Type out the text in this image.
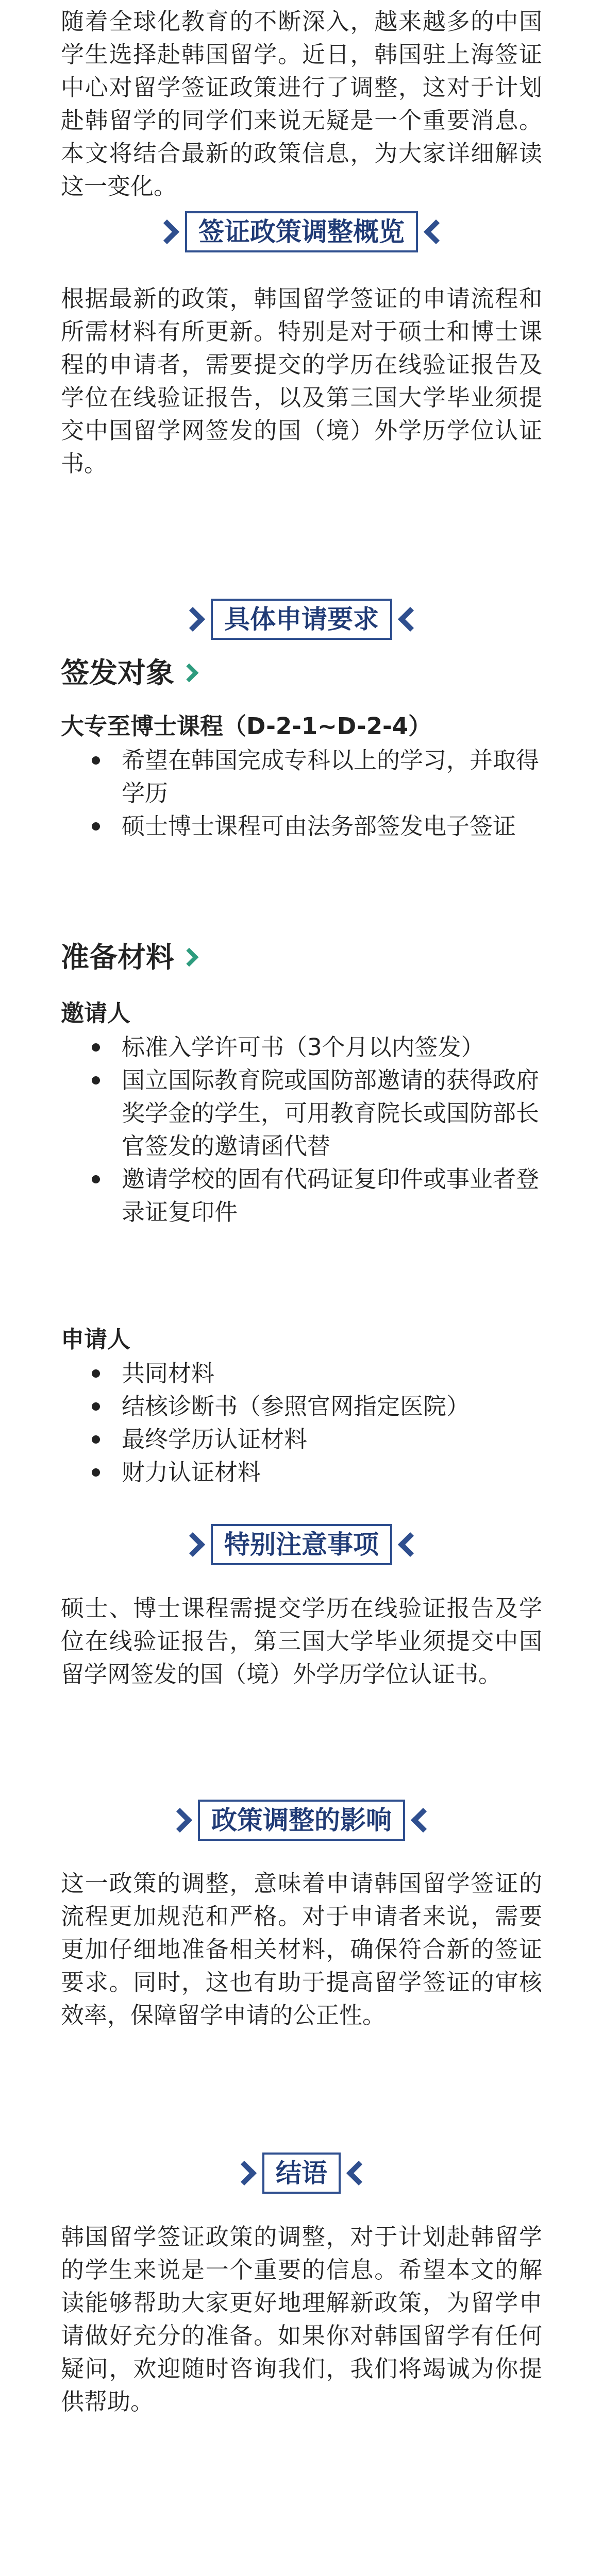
随着全球化教育的不断深入，越来越多的中国学生选择赴韩国留学。近日，韩国驻上海签证中心对留学签证政策进行了调整，这对于计划赴韩留学的同学们来说无疑是一个重要消息。本文将结合最新的政策信息，为大家详细解读这一变化。

签证政策调整概览

根据最新的政策，韩国留学签证的申请流程和所需材料有所更新。特别是对于硕士和博士课程的申请者，需要提交的学历在线验证报告及学位在线验证报告，以及第三国大学毕业须提交中国留学网签发的国（境）外学历学位认证书。

具体申请要求
签发对象
大专至博士课程（D-2-1~D-2-4）
希望在韩国完成专科以上的学习，并取得学历
硕士博士课程可由法务部签发电子签证
准备材料
邀请人
标准入学许可书（3个月以内签发）
国立国际教育院或国防部邀请的获得政府奖学金的学生，可用教育院长或国防部长官签发的邀请函代替
邀请学校的固有代码证复印件或事业者登录证复印件
申请人
共同材料
结核诊断书（参照官网指定医院）
最终学历认证材料
财力认证材料
特别注意事项

硕士、博士课程需提交学历在线验证报告及学位在线验证报告，第三国大学毕业须提交中国留学网签发的国（境）外学历学位认证书。

政策调整的影响

这一政策的调整，意味着申请韩国留学签证的流程更加规范和严格。对于申请者来说，需要更加仔细地准备相关材料，确保符合新的签证要求。同时，这也有助于提高留学签证的审核效率，保障留学申请的公正性。

结语

韩国留学签证政策的调整，对于计划赴韩留学的学生来说是一个重要的信息。希望本文的解读能够帮助大家更好地理解新政策，为留学申请做好充分的准备。如果你对韩国留学有任何疑问，欢迎随时咨询我们，我们将竭诚为你提供帮助。
